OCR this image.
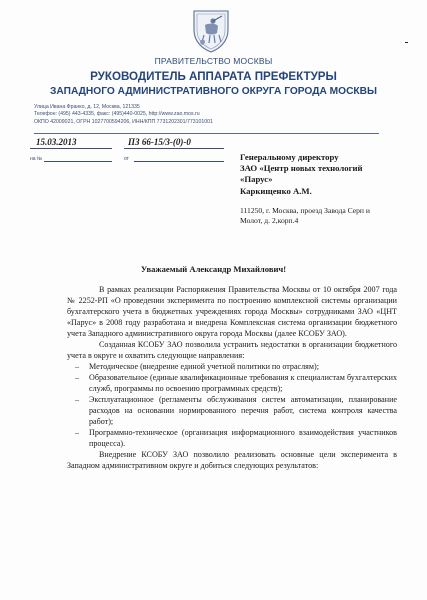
ПРАВИТЕЛЬСТВО МОСКВЫ
РУКОВОДИТЕЛЬ АППАРАТА ПРЕФЕКТУРЫ
ЗАПАДНОГО АДМИНИСТРАТИВНОГО ОКРУГА ГОРОДА МОСКВЫ
Улица Ивана Франко, д. 12, Москва, 121335
Телефон: (495) 443-4335, факс: (495)440-0025, http://www.zao.mos.ru
ОКПО 42009021, ОГРН 1027700594206, ИНН/КПП 7731202301/773101001
15.03.2013	ПЗ 66-15/3-(0)-0
на №	от	Генеральному директору
ЗАО «Центр новых технологий
«Парус»
Каркищенко А.М.
111250, г. Москва, проезд Завода Серп и
Молот, д. 2,корп.4
Уважаемый Александр Михайлович!

В рамках реализации Распоряжения Правительства Москвы от 10 октября 2007 года № 2252-РП «О проведении эксперимента по построению комплексной системы организации бухгалтерского учета в бюджетных учреждениях города Москвы» сотрудниками ЗАО «ЦНТ «Парус» в 2008 году разработана и внедрена Комплексная система организации бюджетного учета Западного административного округа города Москвы (далее КСОБУ ЗАО).

Созданная КСОБУ ЗАО позволила устранить недостатки в организации бюджетного учета в округе и охватить следующие направления:

– Методическое (внедрение единой учетной политики по отраслям);
– Образовательное (единые квалификационные требования к специалистам бухгалтерских служб, программы по освоению программных средств);
– Эксплуатационное (регламенты обслуживания систем автоматизации, планирование расходов на основании нормированного перечня работ, система контроля качества работ);
– Программно-техническое (организация информационного взаимодействия участников процесса).

Внедрение КСОБУ ЗАО позволило реализовать основные цели эксперимента в Западном административном округе и добиться следующих результатов:
